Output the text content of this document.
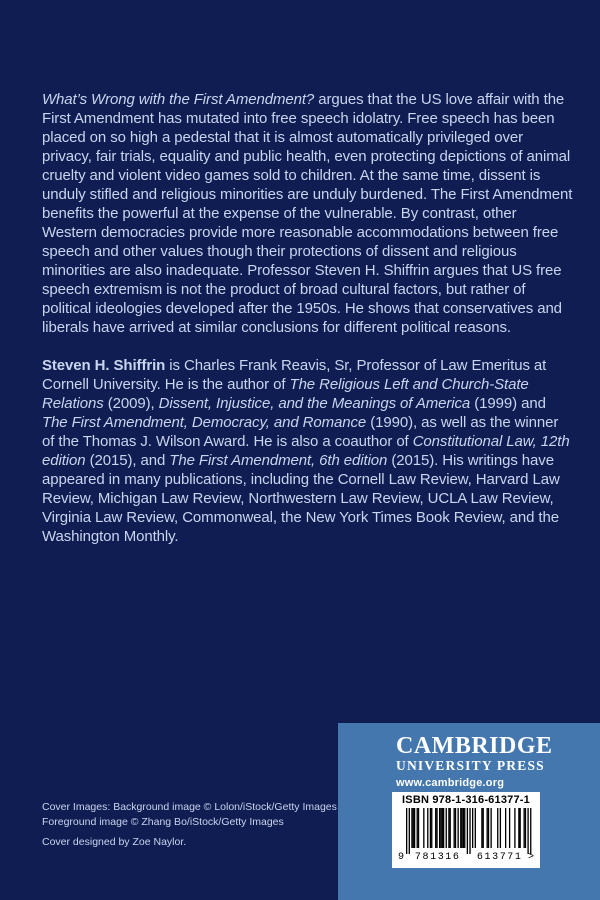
What’s Wrong with the First Amendment? argues that the US love affair with the First Amendment has mutated into free speech idolatry. Free speech has been placed on so high a pedestal that it is almost automatically privileged over privacy, fair trials, equality and public health, even protecting depictions of animal cruelty and violent video games sold to children. At the same time, dissent is unduly stifled and religious minorities are unduly burdened. The First Amendment benefits the powerful at the expense of the vulnerable. By contrast, other Western democracies provide more reasonable accommodations between free speech and other values though their protections of dissent and religious minorities are also inadequate. Professor Steven H. Shiffrin argues that US free speech extremism is not the product of broad cultural factors, but rather of political ideologies developed after the 1950s. He shows that conservatives and liberals have arrived at similar conclusions for different political reasons.

Steven H. Shiffrin is Charles Frank Reavis, Sr, Professor of Law Emeritus at Cornell University. He is the author of The Religious Left and Church-State Relations (2009), Dissent, Injustice, and the Meanings of America (1999) and The First Amendment, Democracy, and Romance (1990), as well as the winner of the Thomas J. Wilson Award. He is also a coauthor of Constitutional Law, 12th edition (2015), and The First Amendment, 6th edition (2015). His writings have appeared in many publications, including the Cornell Law Review, Harvard Law Review, Michigan Law Review, Northwestern Law Review, UCLA Law Review, Virginia Law Review, Commonweal, the New York Times Book Review, and the Washington Monthly.

Cover Images: Background image © Lolon/iStock/Getty Images
Foreground image © Zhang Bo/iStock/Getty Images
Cover designed by Zoe Naylor.
CAMBRIDGE
UNIVERSITY PRESS
www.cambridge.org
ISBN 978-1-316-61377-1
9 781316 613771 >
